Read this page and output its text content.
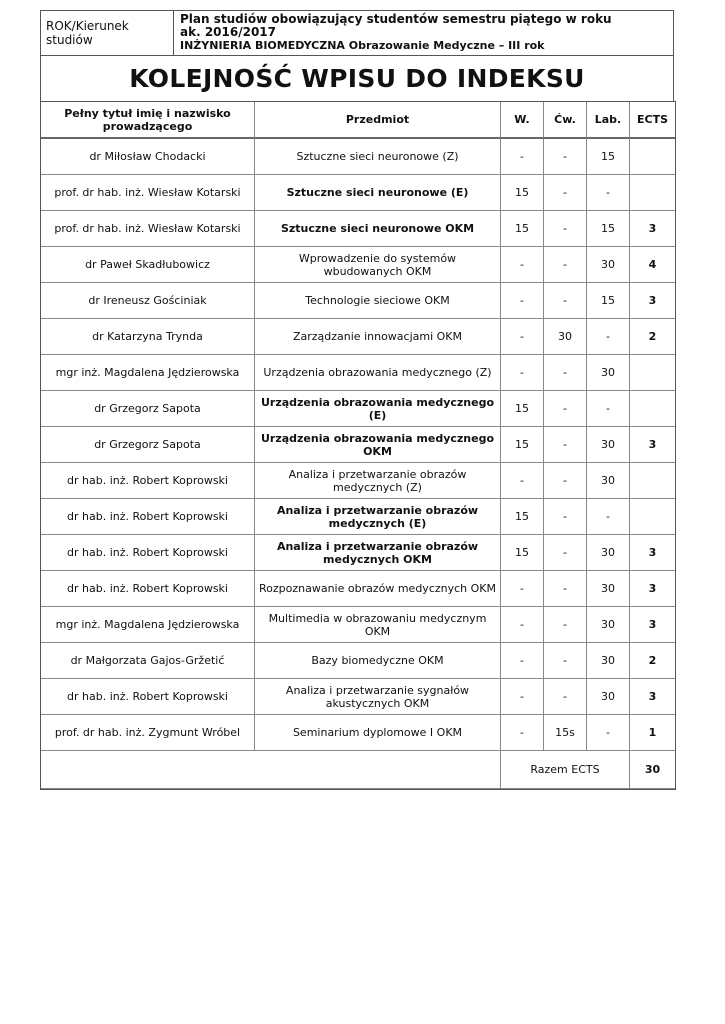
ROK/Kierunek studiów
Plan studiów obowiązujący studentów semestru piątego w roku
ak. 2016/2017
INŻYNIERIA BIOMEDYCZNA Obrazowanie Medyczne – III rok
KOLEJNOŚĆ WPISU DO INDEKSU
Pełny tytuł imię i nazwisko prowadzącego	Przedmiot	W.	Ćw.	Lab.	ECTS
dr Miłosław Chodacki	Sztuczne sieci neuronowe (Z)	-	-	15	
prof. dr hab. inż. Wiesław Kotarski	Sztuczne sieci neuronowe (E)	15	-	-	
prof. dr hab. inż. Wiesław Kotarski	Sztuczne sieci neuronowe OKM	15	-	15	3
dr Paweł Skadłubowicz	Wprowadzenie do systemów wbudowanych OKM	-	-	30	4
dr Ireneusz Gościniak	Technologie sieciowe OKM	-	-	15	3
dr Katarzyna Trynda	Zarządzanie innowacjami OKM	-	30	-	2
mgr inż. Magdalena Jędzierowska	Urządzenia obrazowania medycznego (Z)	-	-	30	
dr Grzegorz Sapota	Urządzenia obrazowania medycznego (E)	15	-	-	
dr Grzegorz Sapota	Urządzenia obrazowania medycznego OKM	15	-	30	3
dr hab. inż. Robert Koprowski	Analiza i przetwarzanie obrazów medycznych (Z)	-	-	30	
dr hab. inż. Robert Koprowski	Analiza i przetwarzanie obrazów medycznych (E)	15	-	-	
dr hab. inż. Robert Koprowski	Analiza i przetwarzanie obrazów medycznych OKM	15	-	30	3
dr hab. inż. Robert Koprowski	Rozpoznawanie obrazów medycznych OKM	-	-	30	3
mgr inż. Magdalena Jędzierowska	Multimedia w obrazowaniu medycznym OKM	-	-	30	3
dr Małgorzata Gajos-Gržetić	Bazy biomedyczne OKM	-	-	30	2
dr hab. inż. Robert Koprowski	Analiza i przetwarzanie sygnałów akustycznych OKM	-	-	30	3
prof. dr hab. inż. Zygmunt Wróbel	Seminarium dyplomowe I OKM	-	15s	-	1
		Razem ECTS			30
